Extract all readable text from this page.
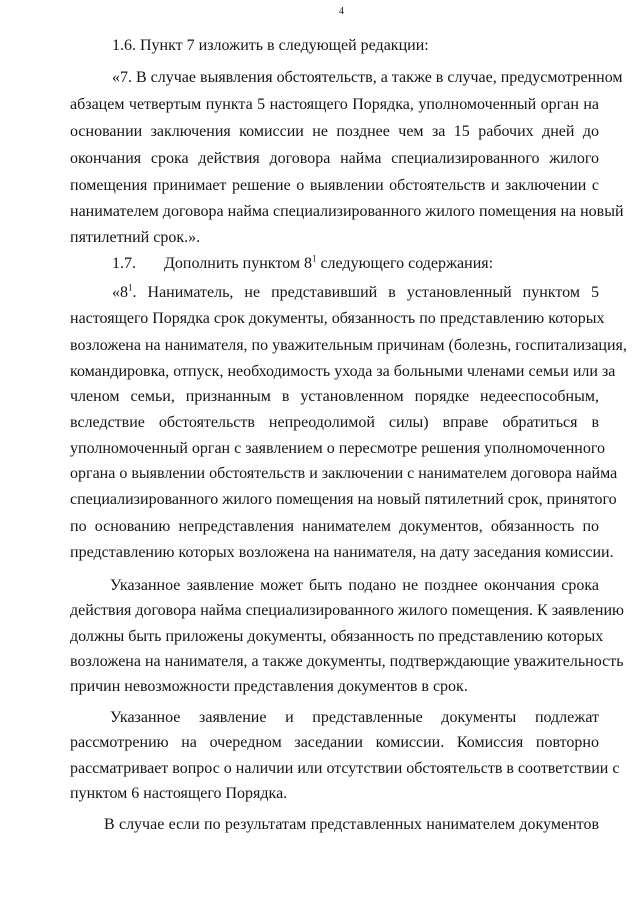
4
1.6. Пункт 7 изложить в следующей редакции:
«7. В случае выявления обстоятельств, а также в случае, предусмотренном
абзацем четвертым пункта 5 настоящего Порядка, уполномоченный орган на
основании заключения комиссии не позднее чем за 15 рабочих дней до
окончания срока действия договора найма специализированного жилого
помещения принимает решение о выявлении обстоятельств и заключении с
нанимателем договора найма специализированного жилого помещения на новый
пятилетний срок.».
1.7. Дополнить пунктом $8^1$ следующего содержания:
«$8^1$. Наниматель, не представивший в установленный пунктом 5
настоящего Порядка срок документы, обязанность по представлению которых
возложена на нанимателя, по уважительным причинам (болезнь, госпитализация,
командировка, отпуск, необходимость ухода за больными членами семьи или за
членом семьи, признанным в установленном порядке недееспособным,
вследствие обстоятельств непреодолимой силы) вправе обратиться в
уполномоченный орган с заявлением о пересмотре решения уполномоченного
органа о выявлении обстоятельств и заключении с нанимателем договора найма
специализированного жилого помещения на новый пятилетний срок, принятого
по основанию непредставления нанимателем документов, обязанность по
представлению которых возложена на нанимателя, на дату заседания комиссии.
Указанное заявление может быть подано не позднее окончания срока
действия договора найма специализированного жилого помещения. К заявлению
должны быть приложены документы, обязанность по представлению которых
возложена на нанимателя, а также документы, подтверждающие уважительность
причин невозможности представления документов в срок.
Указанное заявление и представленные документы подлежат
рассмотрению на очередном заседании комиссии. Комиссия повторно
рассматривает вопрос о наличии или отсутствии обстоятельств в соответствии с
пунктом 6 настоящего Порядка.
В случае если по результатам представленных нанимателем документов
